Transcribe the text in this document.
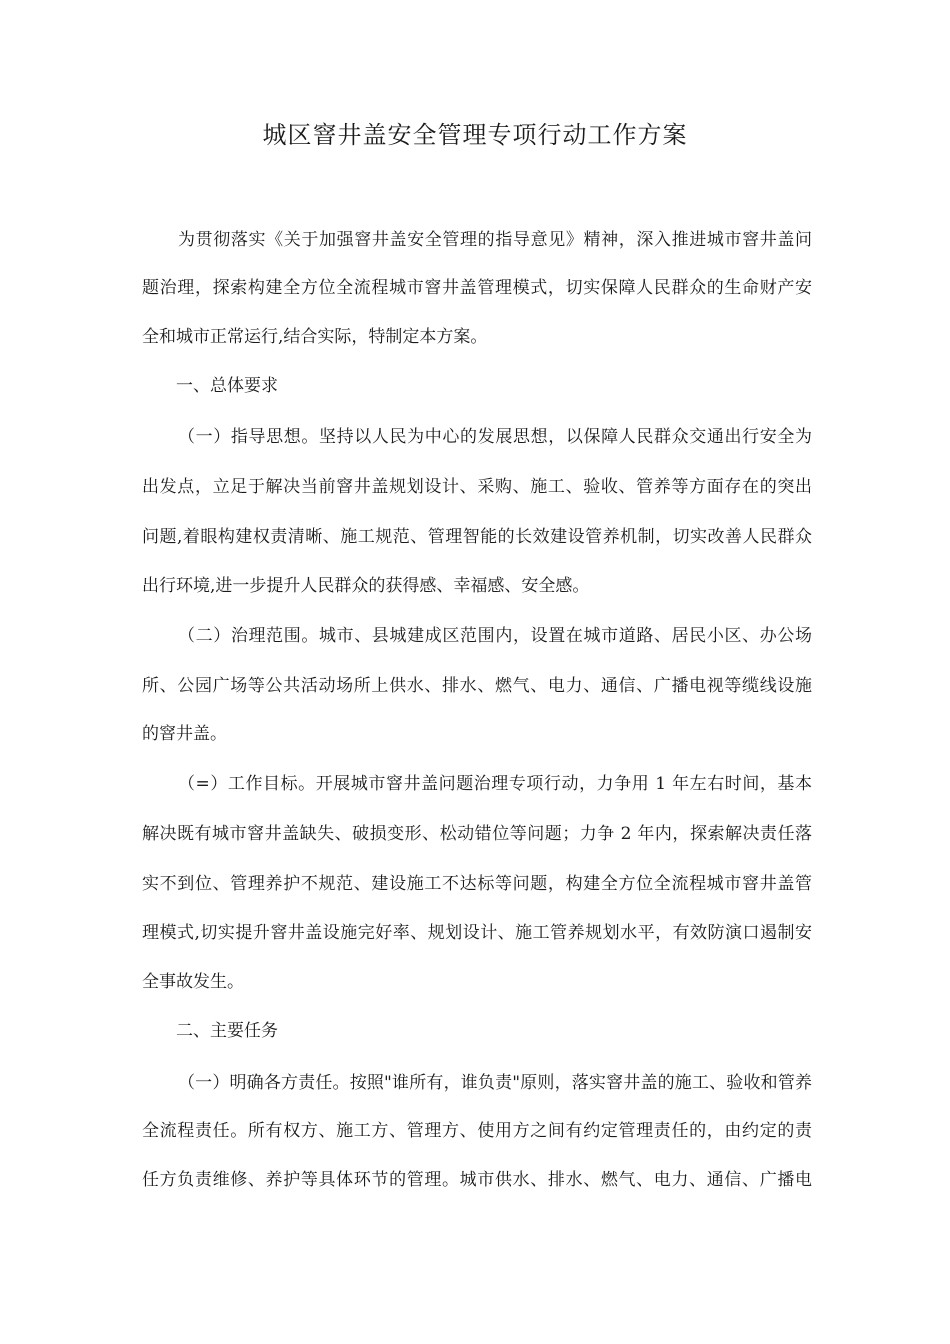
城区窨井盖安全管理专项行动工作方案
为贯彻落实《关于加强窨井盖安全管理的指导意见》精神，深入推进城市窨井盖问
题治理，探索构建全方位全流程城市窨井盖管理模式，切实保障人民群众的生命财产安
全和城市正常运行,结合实际，特制定本方案。
一、总体要求
（一）指导思想。坚持以人民为中心的发展思想，以保障人民群众交通出行安全为
出发点，立足于解决当前窨井盖规划设计、采购、施工、验收、管养等方面存在的突出
问题,着眼构建权责清晰、施工规范、管理智能的长效建设管养机制，切实改善人民群众
出行环境,进一步提升人民群众的获得感、幸福感、安全感。
（二）治理范围。城市、县城建成区范围内，设置在城市道路、居民小区、办公场
所、公园广场等公共活动场所上供水、排水、燃气、电力、通信、广播电视等缆线设施
的窨井盖。
（=）工作目标。开展城市窨井盖问题治理专项行动，力争用 1 年左右时间，基本
解决既有城市窨井盖缺失、破损变形、松动错位等问题；力争 2 年内，探索解决责任落
实不到位、管理养护不规范、建设施工不达标等问题，构建全方位全流程城市窨井盖管
理模式,切实提升窨井盖设施完好率、规划设计、施工管养规划水平，有效防演口遏制安
全事故发生。
二、主要任务
（一）明确各方责任。按照"谁所有，谁负责"原则，落实窨井盖的施工、验收和管养
全流程责任。所有权方、施工方、管理方、使用方之间有约定管理责任的，由约定的责
任方负责维修、养护等具体环节的管理。城市供水、排水、燃气、电力、通信、广播电
